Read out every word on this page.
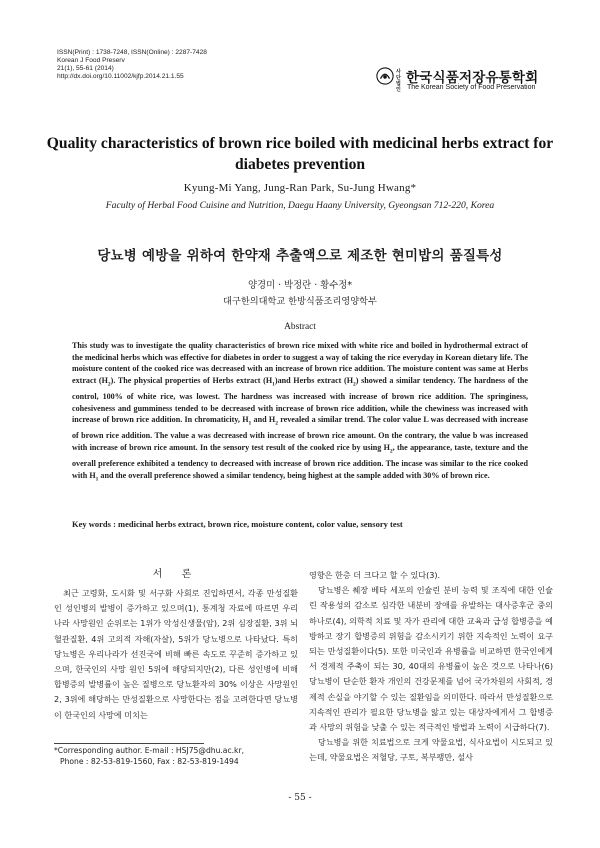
ISSN(Print) : 1738-7248, ISSN(Online) : 2287-7428
Korean J Food Preserv
21(1), 55-61 (2014)
http://dx.doi.org/10.11002/kjfp.2014.21.1.55
사단법인
한국식품저장유통학회
The Korean Society of Food Preservation
Quality characteristics of brown rice boiled with medicinal herbs extract for diabetes prevention
Kyung-Mi Yang, Jung-Ran Park, Su-Jung Hwang*
Faculty of Herbal Food Cuisine and Nutrition, Daegu Haany University, Gyeongsan 712-220, Korea
당뇨병 예방을 위하여 한약재 추출액으로 제조한 현미밥의 품질특성
양경미 · 박정란 · 황수정*
대구한의대학교 한방식품조리영양학부
Abstract
This study was to investigate the quality characteristics of brown rice mixed with white rice and boiled in hydrothermal extract of the medicinal herbs which was effective for diabetes in order to suggest a way of taking the rice everyday in Korean dietary life. The moisture content of the cooked rice was decreased with an increase of brown rice addition. The moisture content was same at Herbs extract $(H_2)$. The physical properties of Herbs extract $(H_1)and$ Herbs extract $(H_2)$ showed a similar tendency. The hardness of the control, 100% of white rice, was lowest. The hardness was increased with increase of brown rice addition. The springiness, cohesiveness and gumminess tended to be decreased with increase of brown rice addition, while the chewiness was increased with increase of brown rice addition. In chromaticity, $H_1$ and $H_2$ revealed a similar trend. The color value L was decreased with increase of brown rice addition. The value a was decreased with increase of brown rice amount. On the contrary, the value b was increased with increase of brown rice amount. In the sensory test result of the cooked rice by using $H_2$, the appearance, taste, texture and the overall preference exhibited a tendency to decreased with increase of brown rice addition. The incase was similar to the rice cooked with $H_1$ and the overall preference showed a similar tendency, being highest at the sample added with 30% of brown rice.
Key words : medicinal herbs extract, brown rice, moisture content, color value, sensory test
서 론

최근 고령화, 도시화 및 서구화 사회로 진입하면서, 각종 만성질환인 성인병의 발병이 증가하고 있으며(1), 통계청 자료에 따르면 우리나라 사망원인 순위로는 1위가 악성신생물(암), 2위 심장질환, 3위 뇌혈관질환, 4위 고의적 자해(자살), 5위가 당뇨병으로 나타났다. 특히 당뇨병은 우리나라가 선진국에 비해 빠른 속도로 꾸준히 증가하고 있으며, 한국인의 사망 원인 5위에 해당되지만(2), 다른 성인병에 비해 합병증의 발병률이 높은 질병으로 당뇨환자의 30% 이상은 사망원인 2, 3위에 해당하는 만성질환으로 사망한다는 점을 고려한다면 당뇨병이 한국인의 사망에 미치는

영향은 한층 더 크다고 할 수 있다(3).

당뇨병은 췌장 베타 세포의 인슐린 분비 능력 및 조직에 대한 인슐린 작용성의 감소로 심각한 내분비 장애를 유발하는 대사증후군 중의 하나로(4), 의학적 치료 및 자가 관리에 대한 교육과 급성 합병증을 예방하고 장기 합병증의 위험을 감소시키기 위한 지속적인 노력이 요구되는 만성질환이다(5). 또한 미국인과 유병률을 비교하면 한국인에게서 경제적 주축이 되는 30, 40대의 유병률이 높은 것으로 나타나(6) 당뇨병이 단순한 환자 개인의 건강문제를 넘어 국가차원의 사회적, 경제적 손실을 야기할 수 있는 질환임을 의미한다. 따라서 만성질환으로 지속적인 관리가 필요한 당뇨병을 앓고 있는 대상자에게서 그 합병증과 사망의 위험을 낮출 수 있는 적극적인 방법과 노력이 시급하다(7).

당뇨병을 위한 치료법으로 크게 약물요법, 식사요법이 시도되고 있는데, 약물요법은 저혈당, 구토, 복부팽만, 설사

*Corresponding author. E-mail : HSJ75@dhu.ac.kr,
Phone : 82-53-819-1560, Fax : 82-53-819-1494
- 55 -
